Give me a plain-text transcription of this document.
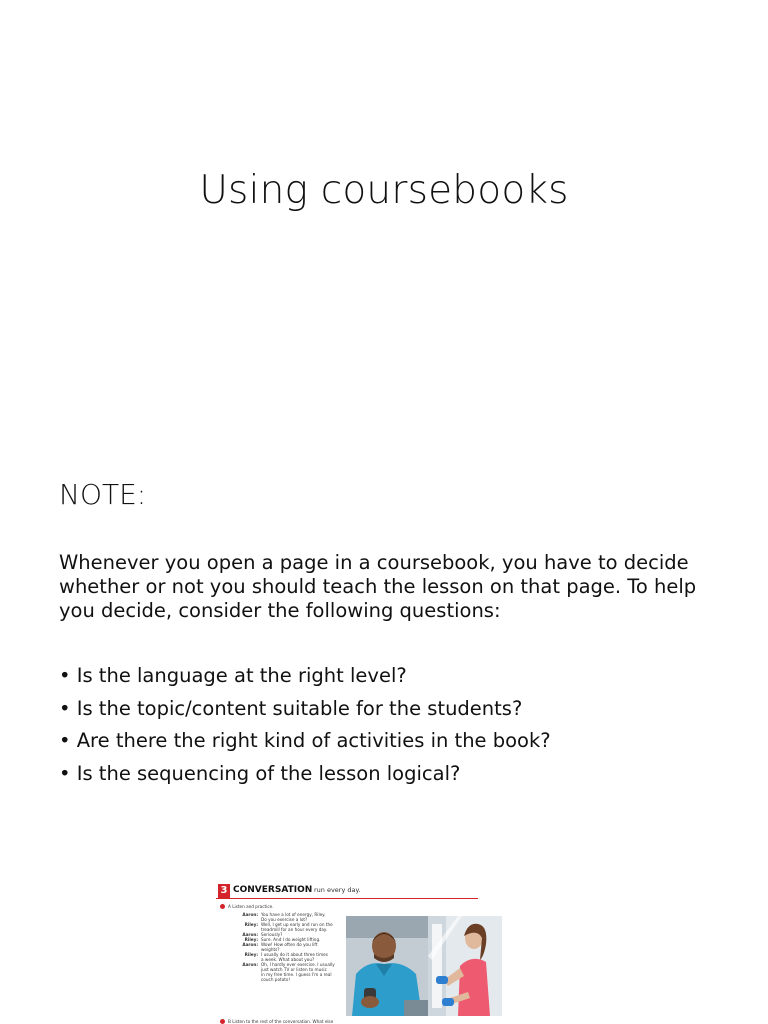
Using coursebooks
NOTE:

Whenever you open a page in a coursebook, you have to decide whether or not you should teach the lesson on that page. To help you decide, consider the following questions:

• Is the language at the right level?
• Is the topic/content suitable for the students?
• Are there the right kind of activities in the book?
• Is the sequencing of the lesson logical?
3 CONVERSATION
I run every day.
A Listen and practice.
Aaron: You have a lot of energy, Riley.
Do you exercise a lot?
Riley: Well, I get up early and run on the
treadmill for an hour every day.
Aaron: Seriously?
Riley: Sure. And I do weight lifting.
Aaron: Wow! How often do you lift
weights?
Riley: I usually do it about three times
a week. What about you?
Aaron: Oh, I hardly ever exercise. I usually
just watch TV or listen to music
in my free time. I guess I'm a real
couch potato!
B Listen to the rest of the conversation. What else
